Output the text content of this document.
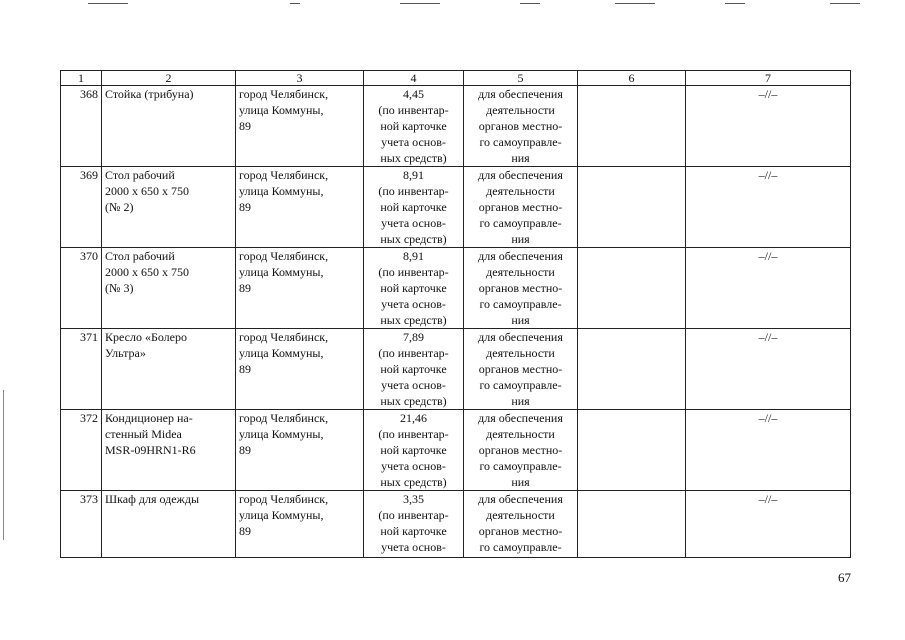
1	2	3	4	5	6	7
368	Стойка (трибуна)	город Челябинск,
улица Коммуны,
89	4,45
(по инвентар-
ной карточке
учета основ-
ных средств)	для обеспечения
деятельности
органов местно-
го самоуправле-
ния		–//–
369	Стол рабочий
2000 х 650 х 750
(№ 2)	город Челябинск,
улица Коммуны,
89	8,91
(по инвентар-
ной карточке
учета основ-
ных средств)	для обеспечения
деятельности
органов местно-
го самоуправле-
ния		–//–
370	Стол рабочий
2000 х 650 х 750
(№ 3)	город Челябинск,
улица Коммуны,
89	8,91
(по инвентар-
ной карточке
учета основ-
ных средств)	для обеспечения
деятельности
органов местно-
го самоуправле-
ния		–//–
371	Кресло «Болеро
Ультра»	город Челябинск,
улица Коммуны,
89	7,89
(по инвентар-
ной карточке
учета основ-
ных средств)	для обеспечения
деятельности
органов местно-
го самоуправле-
ния		–//–
372	Кондиционер на-
стенный Midea
MSR-09HRN1-R6	город Челябинск,
улица Коммуны,
89	21,46
(по инвентар-
ной карточке
учета основ-
ных средств)	для обеспечения
деятельности
органов местно-
го самоуправле-
ния		–//–
373	Шкаф для одежды	город Челябинск,
улица Коммуны,
89	3,35
(по инвентар-
ной карточке
учета основ-	для обеспечения
деятельности
органов местно-
го самоуправле-		–//–
67
